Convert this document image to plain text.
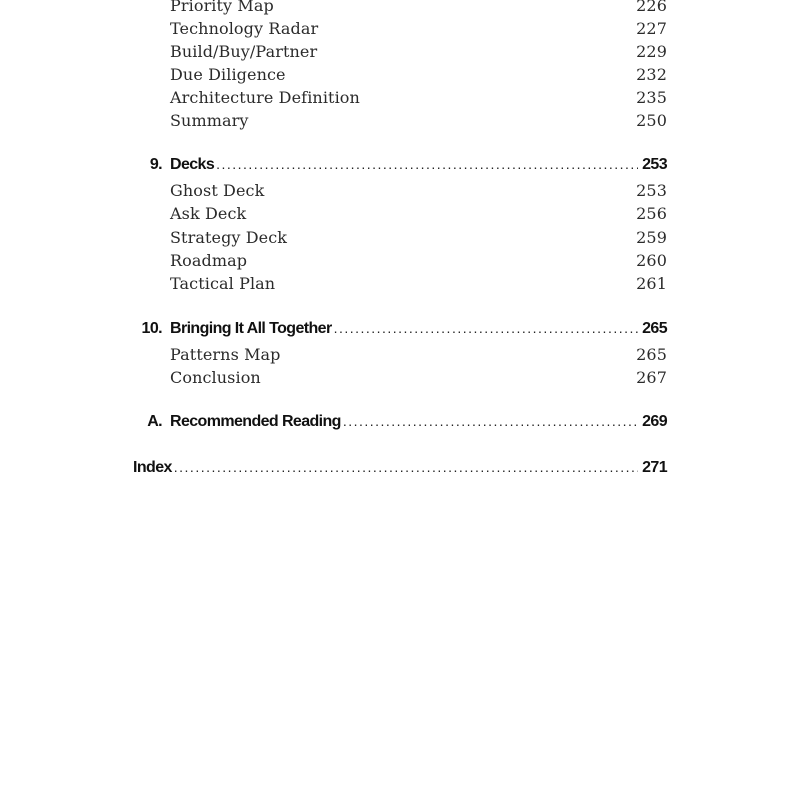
Priority Map	226
Technology Radar	227
Build/Buy/Partner	229
Due Diligence	232
Architecture Definition	235
Summary	250
9. Decks . . .	253
Ghost Deck	253
Ask Deck	256
Strategy Deck	259
Roadmap	260
Tactical Plan	261
10. Bringing It All Together . . .	265
Patterns Map	265
Conclusion	267
A. Recommended Reading . . .	269
Index . . .	271
